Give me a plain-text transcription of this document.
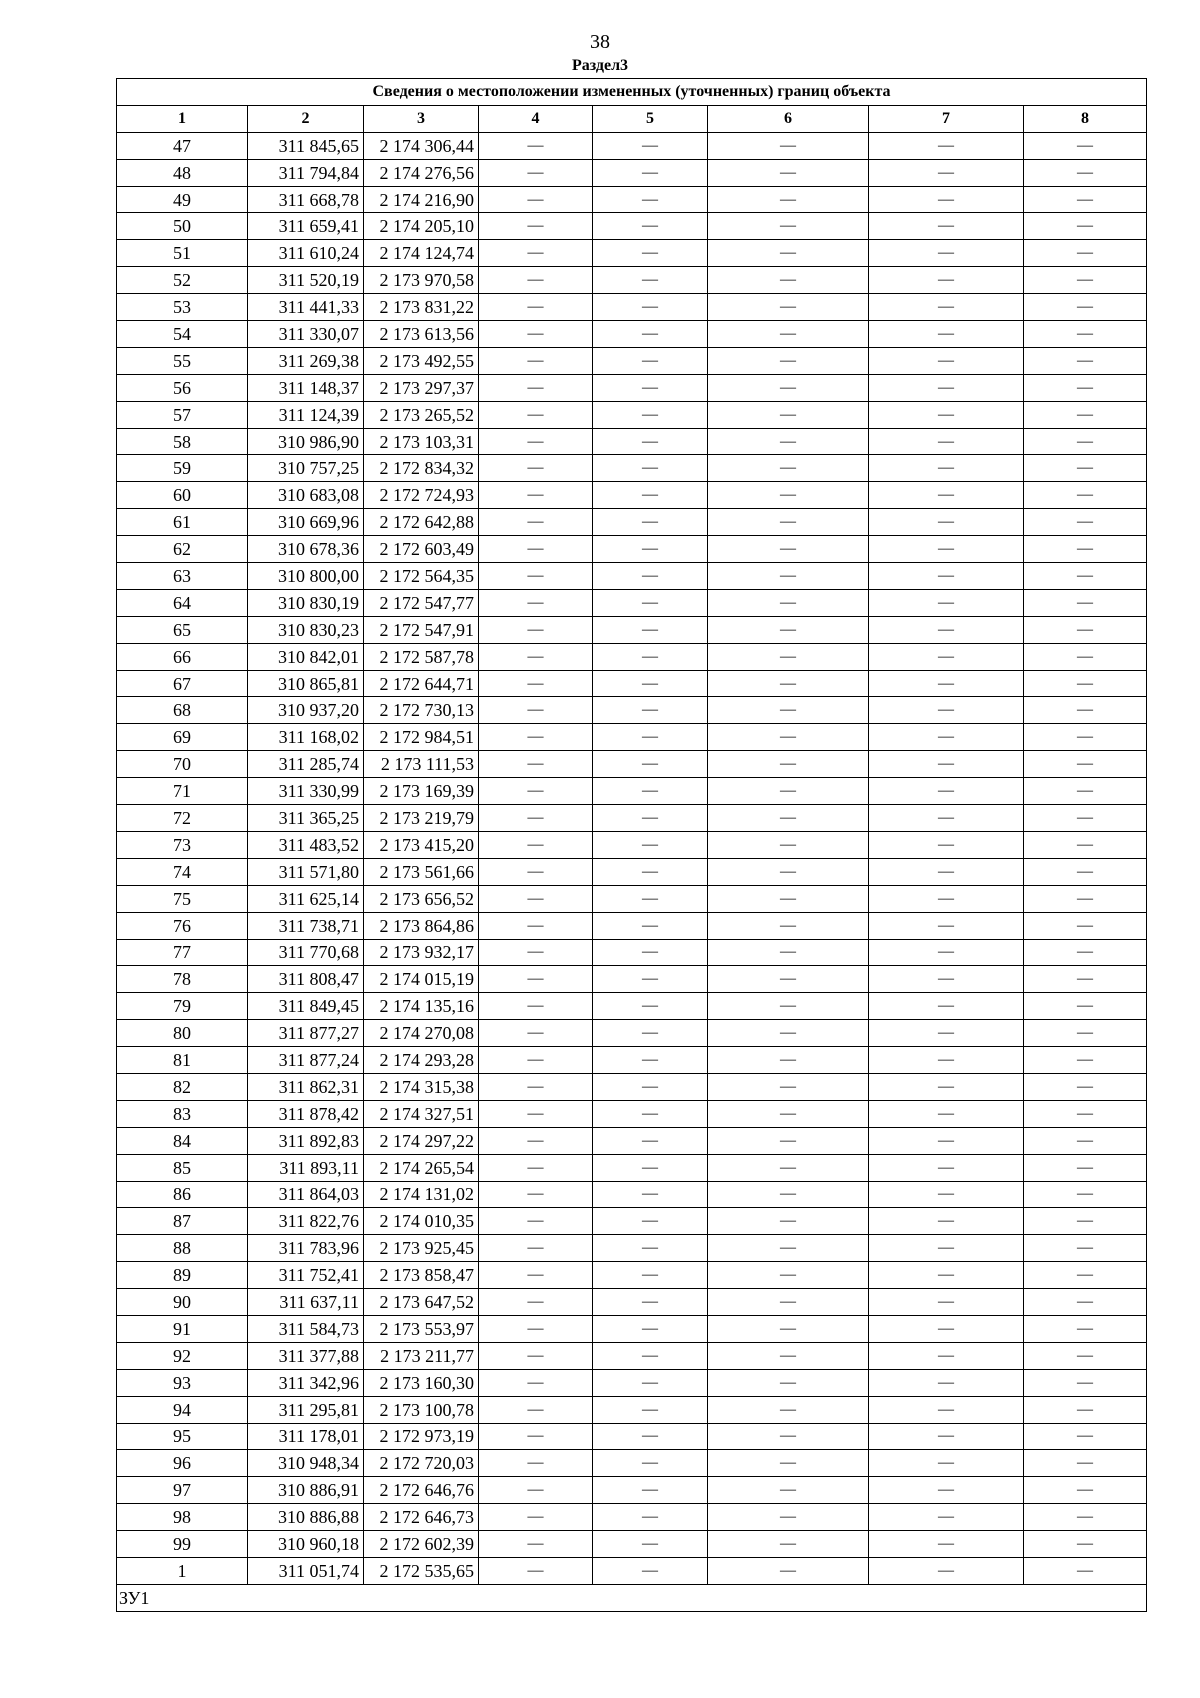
38
Раздел3
Сведения о местоположении измененных (уточненных) границ объекта							
1	2	3	4	5	6	7	8
47	311 845,65	2 174 306,44	—	—	—	—	—
48	311 794,84	2 174 276,56	—	—	—	—	—
49	311 668,78	2 174 216,90	—	—	—	—	—
50	311 659,41	2 174 205,10	—	—	—	—	—
51	311 610,24	2 174 124,74	—	—	—	—	—
52	311 520,19	2 173 970,58	—	—	—	—	—
53	311 441,33	2 173 831,22	—	—	—	—	—
54	311 330,07	2 173 613,56	—	—	—	—	—
55	311 269,38	2 173 492,55	—	—	—	—	—
56	311 148,37	2 173 297,37	—	—	—	—	—
57	311 124,39	2 173 265,52	—	—	—	—	—
58	310 986,90	2 173 103,31	—	—	—	—	—
59	310 757,25	2 172 834,32	—	—	—	—	—
60	310 683,08	2 172 724,93	—	—	—	—	—
61	310 669,96	2 172 642,88	—	—	—	—	—
62	310 678,36	2 172 603,49	—	—	—	—	—
63	310 800,00	2 172 564,35	—	—	—	—	—
64	310 830,19	2 172 547,77	—	—	—	—	—
65	310 830,23	2 172 547,91	—	—	—	—	—
66	310 842,01	2 172 587,78	—	—	—	—	—
67	310 865,81	2 172 644,71	—	—	—	—	—
68	310 937,20	2 172 730,13	—	—	—	—	—
69	311 168,02	2 172 984,51	—	—	—	—	—
70	311 285,74	2 173 111,53	—	—	—	—	—
71	311 330,99	2 173 169,39	—	—	—	—	—
72	311 365,25	2 173 219,79	—	—	—	—	—
73	311 483,52	2 173 415,20	—	—	—	—	—
74	311 571,80	2 173 561,66	—	—	—	—	—
75	311 625,14	2 173 656,52	—	—	—	—	—
76	311 738,71	2 173 864,86	—	—	—	—	—
77	311 770,68	2 173 932,17	—	—	—	—	—
78	311 808,47	2 174 015,19	—	—	—	—	—
79	311 849,45	2 174 135,16	—	—	—	—	—
80	311 877,27	2 174 270,08	—	—	—	—	—
81	311 877,24	2 174 293,28	—	—	—	—	—
82	311 862,31	2 174 315,38	—	—	—	—	—
83	311 878,42	2 174 327,51	—	—	—	—	—
84	311 892,83	2 174 297,22	—	—	—	—	—
85	311 893,11	2 174 265,54	—	—	—	—	—
86	311 864,03	2 174 131,02	—	—	—	—	—
87	311 822,76	2 174 010,35	—	—	—	—	—
88	311 783,96	2 173 925,45	—	—	—	—	—
89	311 752,41	2 173 858,47	—	—	—	—	—
90	311 637,11	2 173 647,52	—	—	—	—	—
91	311 584,73	2 173 553,97	—	—	—	—	—
92	311 377,88	2 173 211,77	—	—	—	—	—
93	311 342,96	2 173 160,30	—	—	—	—	—
94	311 295,81	2 173 100,78	—	—	—	—	—
95	311 178,01	2 172 973,19	—	—	—	—	—
96	310 948,34	2 172 720,03	—	—	—	—	—
97	310 886,91	2 172 646,76	—	—	—	—	—
98	310 886,88	2 172 646,73	—	—	—	—	—
99	310 960,18	2 172 602,39	—	—	—	—	—
1	311 051,74	2 172 535,65	—	—	—	—	—
ЗУ1							
